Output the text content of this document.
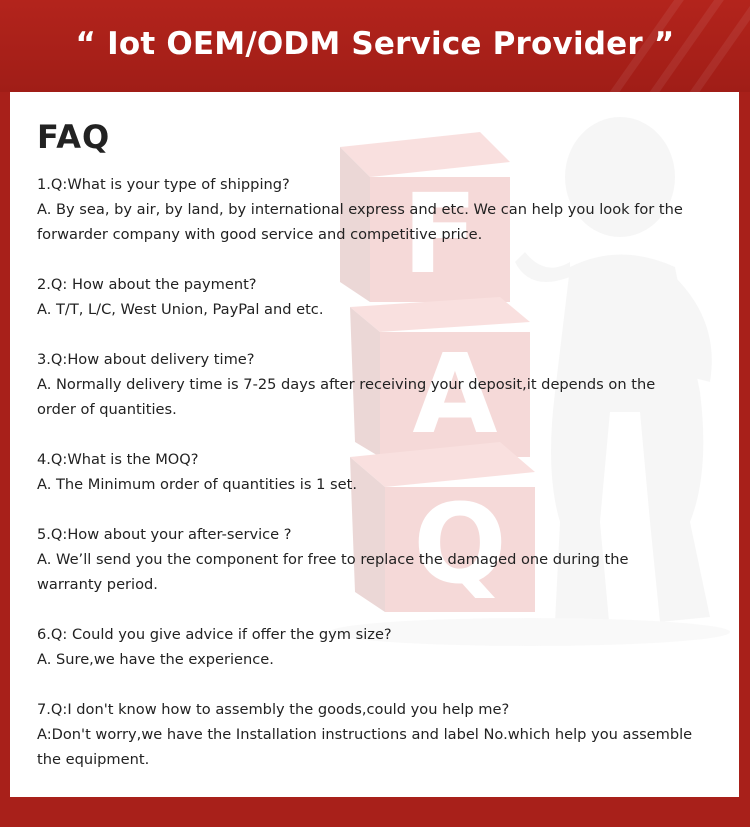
“ Iot OEM/ODM Service Provider ”
F
A
Q
FAQ
1.Q:What is your type of shipping?
A. By sea, by air, by land, by international express and etc. We can help you look for the
forwarder company with good service and competitive price.
2.Q: How about the payment?
A. T/T, L/C, West Union, PayPal and etc.
3.Q:How about delivery time?
A. Normally delivery time is 7-25 days after receiving your deposit,it depends on the
order of quantities.
4.Q:What is the MOQ?
A. The Minimum order of quantities is 1 set.
5.Q:How about your after-service ?
A. We’ll send you the component for free to replace the damaged one during the
warranty period.
6.Q: Could you give advice if offer the gym size?
A. Sure,we have the experience.
7.Q:I don't know how to assembly the goods,could you help me?
A:Don't worry,we have the Installation instructions and label No.which help you assemble
the equipment.
